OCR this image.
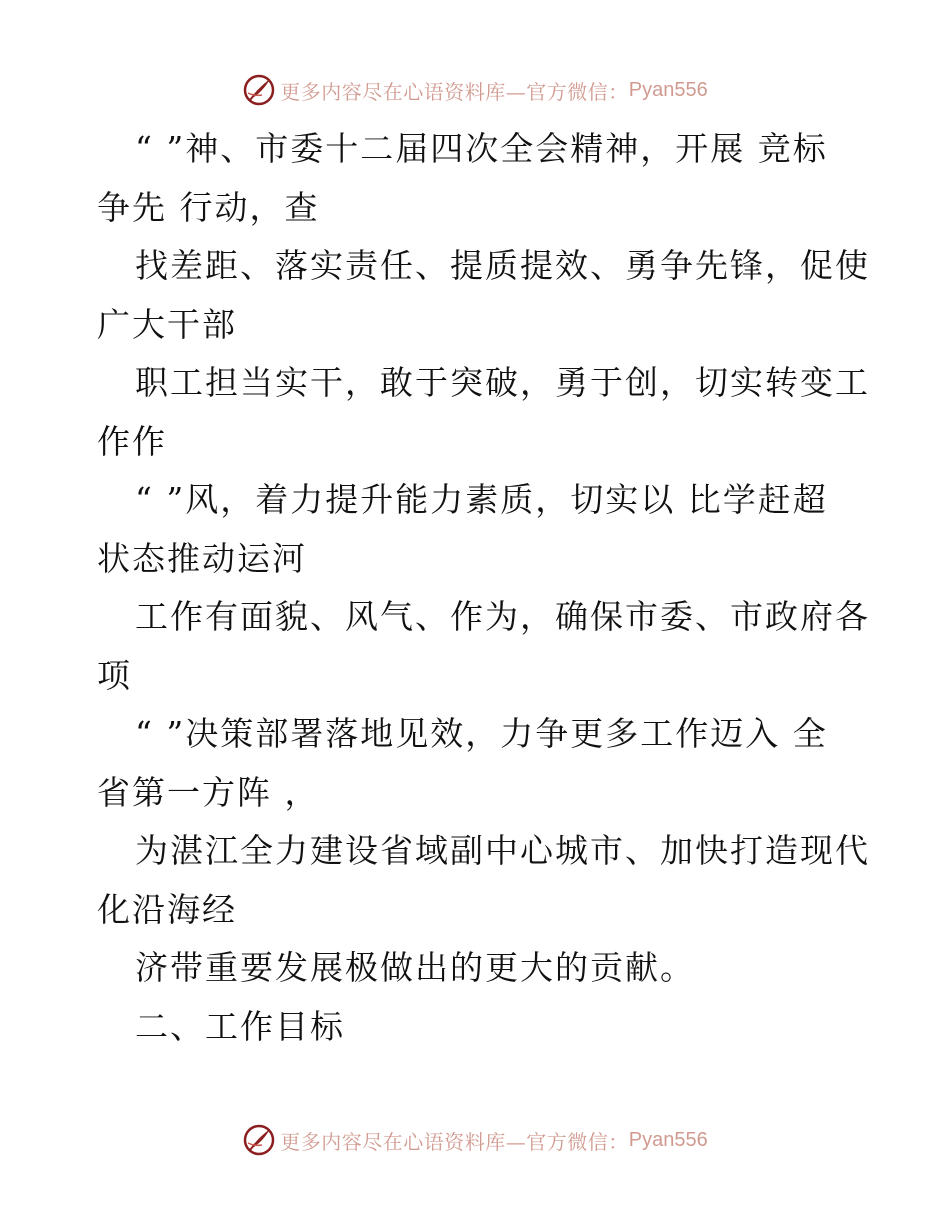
更多内容尽在心语资料库—官方微信： Pyan556
“ ”神、市委十二届四次全会精神，开展 竞标
争先 行动，查
找差距、落实责任、提质提效、勇争先锋，促使
广大干部
职工担当实干，敢于突破，勇于创，切实转变工
作作
“ ”风，着力提升能力素质，切实以 比学赶超
状态推动运河
工作有面貌、风气、作为，确保市委、市政府各
项
“ ”决策部署落地见效，力争更多工作迈入 全
省第一方阵 ，
为湛江全力建设省域副中心城市、加快打造现代
化沿海经
济带重要发展极做出的更大的贡献。
二、工作目标
更多内容尽在心语资料库—官方微信： Pyan556
